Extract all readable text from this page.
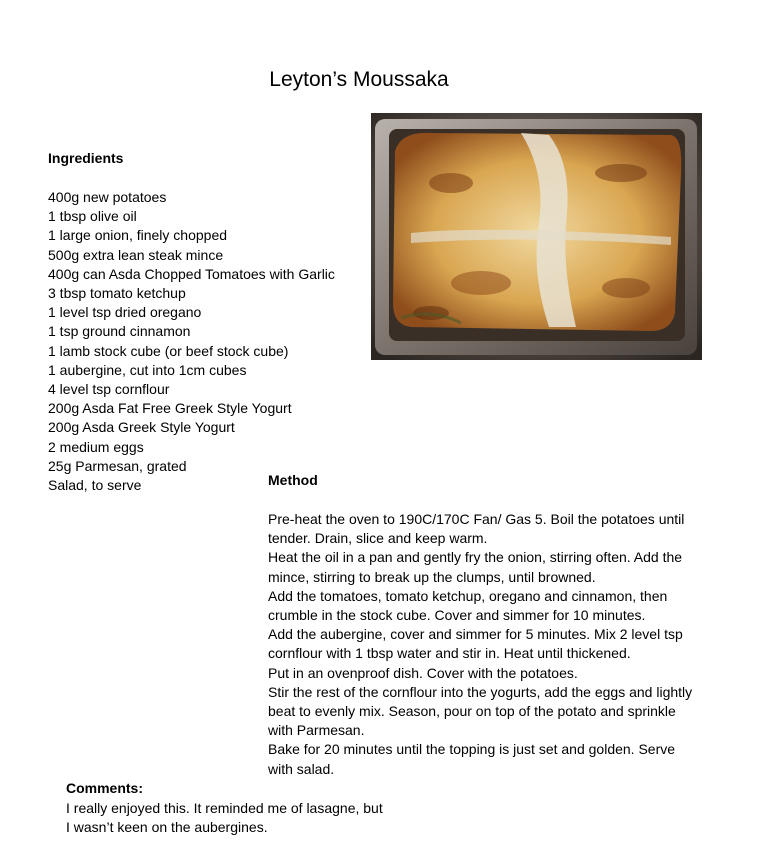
Leyton’s Moussaka
Ingredients
400g new potatoes
1 tbsp olive oil
1 large onion, finely chopped
500g extra lean steak mince
400g can Asda Chopped Tomatoes with Garlic
3 tbsp tomato ketchup
1 level tsp dried oregano
1 tsp ground cinnamon
1 lamb stock cube (or beef stock cube)
1 aubergine, cut into 1cm cubes
4 level tsp cornflour
200g Asda Fat Free Greek Style Yogurt
200g Asda Greek Style Yogurt
2 medium eggs
25g Parmesan, grated
Salad, to serve	Method
Pre-heat the oven to 190C/170C Fan/ Gas 5. Boil the potatoes until
tender. Drain, slice and keep warm.
Heat the oil in a pan and gently fry the onion, stirring often. Add the
mince, stirring to break up the clumps, until browned.
Add the tomatoes, tomato ketchup, oregano and cinnamon, then
crumble in the stock cube. Cover and simmer for 10 minutes.
Add the aubergine, cover and simmer for 5 minutes. Mix 2 level tsp
cornflour with 1 tbsp water and stir in. Heat until thickened.
Put in an ovenproof dish. Cover with the potatoes.
Stir the rest of the cornflour into the yogurts, add the eggs and lightly
beat to evenly mix. Season, pour on top of the potato and sprinkle
with Parmesan.
Bake for 20 minutes until the topping is just set and golden. Serve
with salad.
Comments:
I really enjoyed this. It reminded me of lasagne, but
I wasn’t keen on the aubergines.
